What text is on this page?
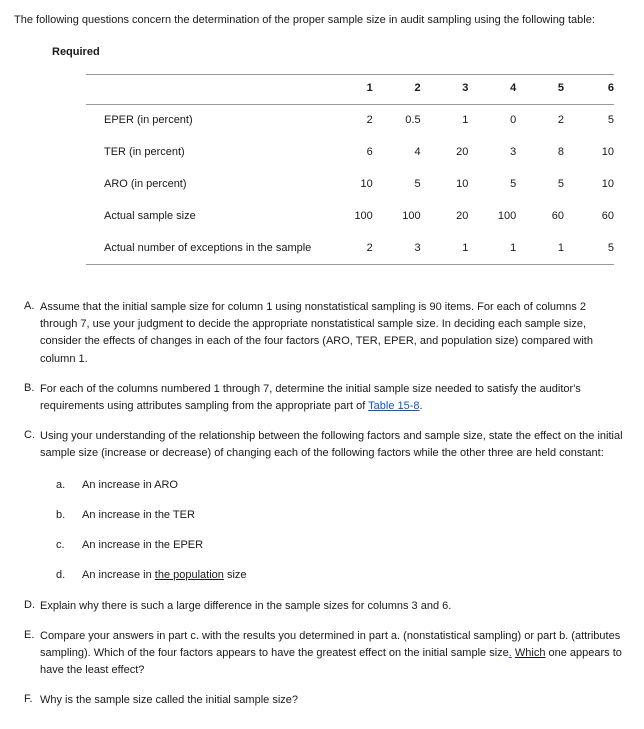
The following questions concern the determination of the proper sample size in audit sampling using the following table:

Required
	1	2	3	4	5	6
EPER (in percent)	2	0.5	1	0	2	5
TER (in percent)	6	4	20	3	8	10
ARO (in percent)	10	5	10	5	5	10
Actual sample size	100	100	20	100	60	60
Actual number of exceptions in the sample	2	3	1	1	1	5
A. Assume that the initial sample size for column 1 using nonstatistical sampling is 90 items. For each of columns 2 through 7, use your judgment to decide the appropriate nonstatistical sample size. In deciding each sample size, consider the effects of changes in each of the four factors (ARO, TER, EPER, and population size) compared with column 1.
B. For each of the columns numbered 1 through 7, determine the initial sample size needed to satisfy the auditor's requirements using attributes sampling from the appropriate part of Table 15-8.
C. Using your understanding of the relationship between the following factors and sample size, state the effect on the initial sample size (increase or decrease) of changing each of the following factors while the other three are held constant:
a.	An increase in ARO
b.	An increase in the TER
c.	An increase in the EPER
d.	An increase in the population size
D. Explain why there is such a large difference in the sample sizes for columns 3 and 6.
E. Compare your answers in part c. with the results you determined in part a. (nonstatistical sampling) or part b. (attributes sampling). Which of the four factors appears to have the greatest effect on the initial sample size. Which one appears to have the least effect?
F. Why is the sample size called the initial sample size?
